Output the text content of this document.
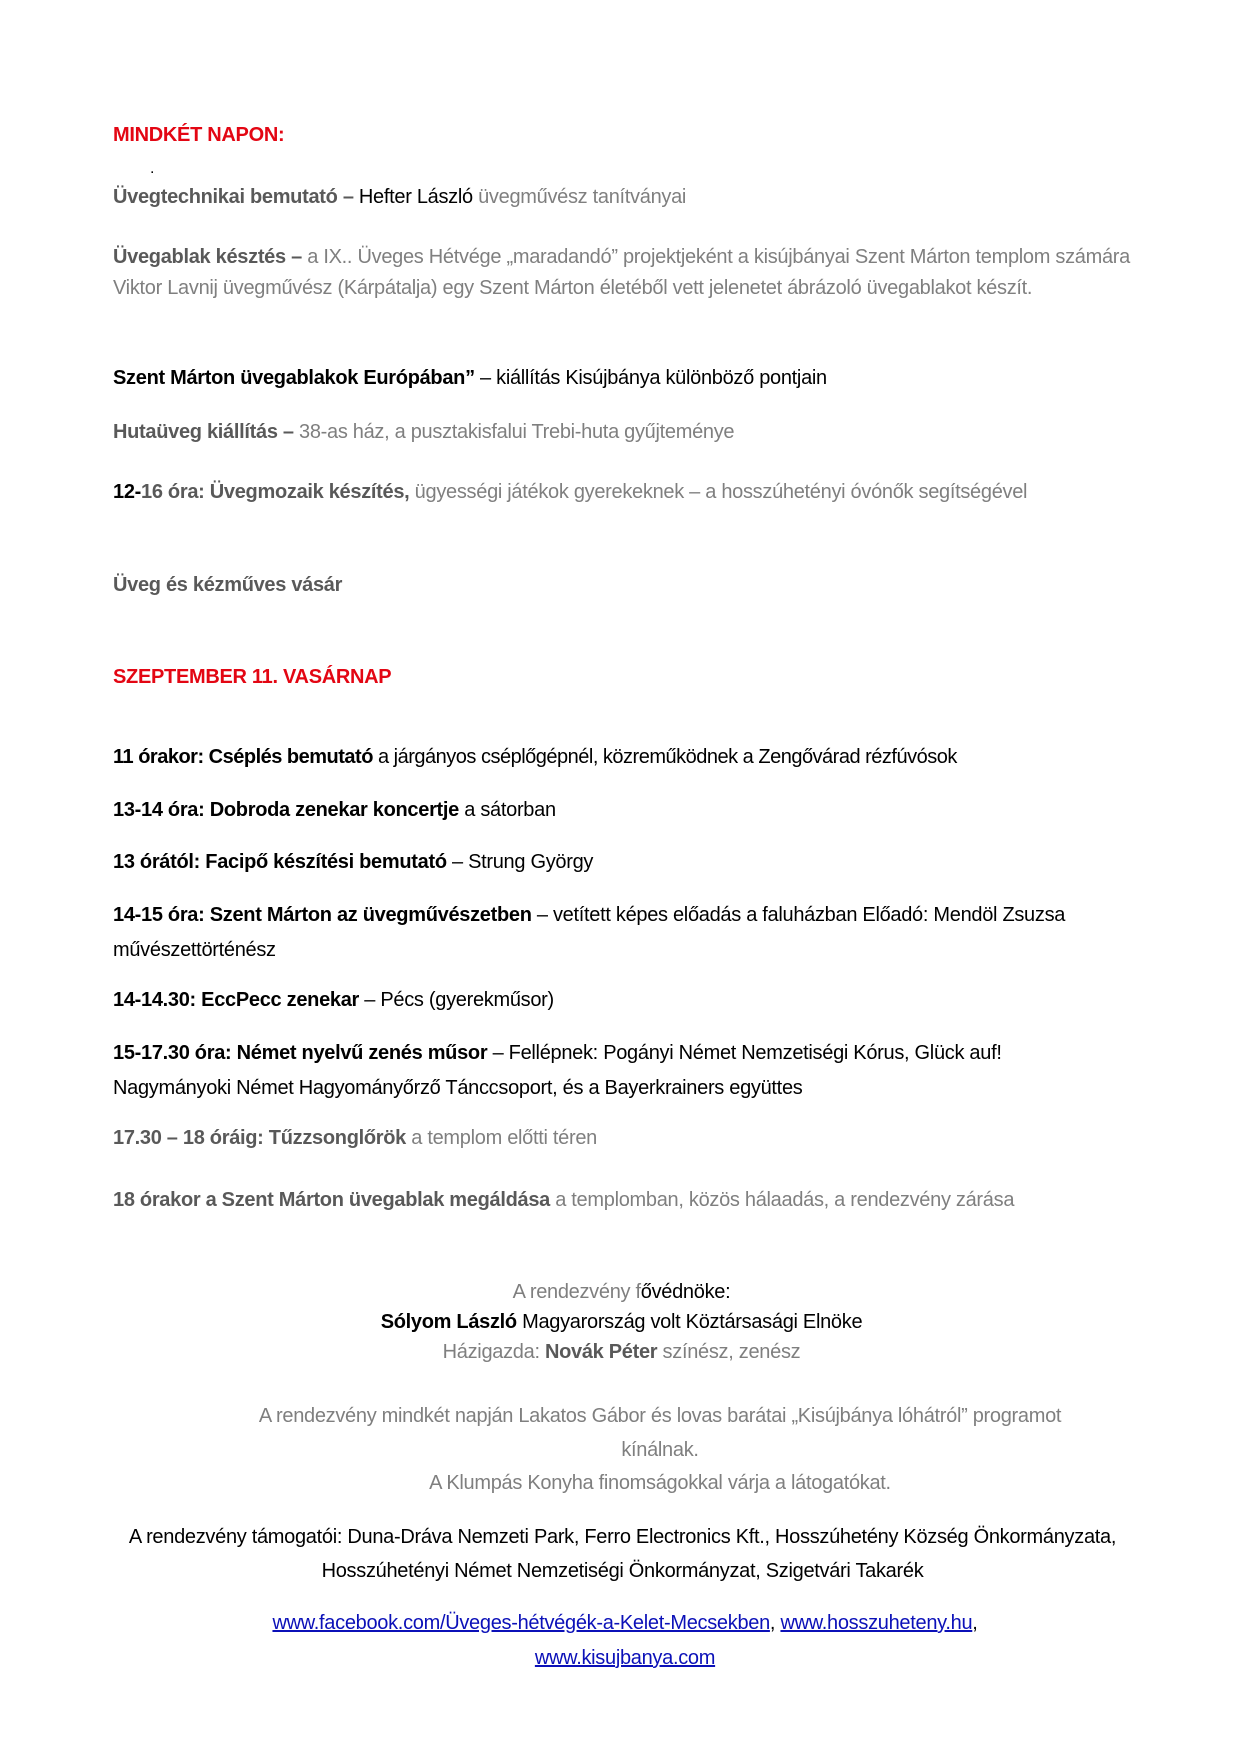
MINDKÉT NAPON:
.
Üvegtechnikai bemutató – Hefter László üvegművész tanítványai
Üvegablak késztés – a IX.. Üveges Hétvége „maradandó” projektjeként a kisújbányai Szent Márton templom számára Viktor Lavnij üvegművész (Kárpátalja) egy Szent Márton életéből vett jelenetet ábrázoló üvegablakot készít.
Szent Márton üvegablakok Európában” – kiállítás Kisújbánya különböző pontjain
Hutaüveg kiállítás – 38-as ház, a pusztakisfalui Trebi-huta gyűjteménye
12-16 óra: Üvegmozaik készítés, ügyességi játékok gyerekeknek – a hosszúhetényi óvónők segítségével
Üveg és kézműves vásár
SZEPTEMBER 11. VASÁRNAP
11 órakor: Cséplés bemutató a járgányos cséplőgépnél, közreműködnek a Zengővárad rézfúvósok
13-14 óra: Dobroda zenekar koncertje a sátorban
13 órától: Facipő készítési bemutató – Strung György
14-15 óra: Szent Márton az üvegművészetben – vetített képes előadás a faluházban Előadó: Mendöl Zsuzsa művészettörténész
14-14.30: EccPecc zenekar – Pécs (gyerekműsor)
15-17.30 óra: Német nyelvű zenés műsor – Fellépnek: Pogányi Német Nemzetiségi Kórus, Glück auf! Nagymányoki Német Hagyományőrző Tánccsoport, és a Bayerkrainers együttes
17.30 – 18 óráig: Tűzzsonglőrök a templom előtti téren
18 órakor a Szent Márton üvegablak megáldása a templomban, közös hálaadás, a rendezvény zárása
A rendezvény fővédnöke:
Sólyom László Magyarország volt Köztársasági Elnöke
Házigazda: Novák Péter színész, zenész
A rendezvény mindkét napján Lakatos Gábor és lovas barátai „Kisújbánya lóhátról” programot kínálnak.
A Klumpás Konyha finomságokkal várja a látogatókat.
A rendezvény támogatói: Duna-Dráva Nemzeti Park, Ferro Electronics Kft., Hosszúhetény Község Önkormányzata, Hosszúhetényi Német Nemzetiségi Önkormányzat, Szigetvári Takarék
www.facebook.com/Üveges-hétvégék-a-Kelet-Mecsekben, www.hosszuheteny.hu,
www.kisujbanya.com
